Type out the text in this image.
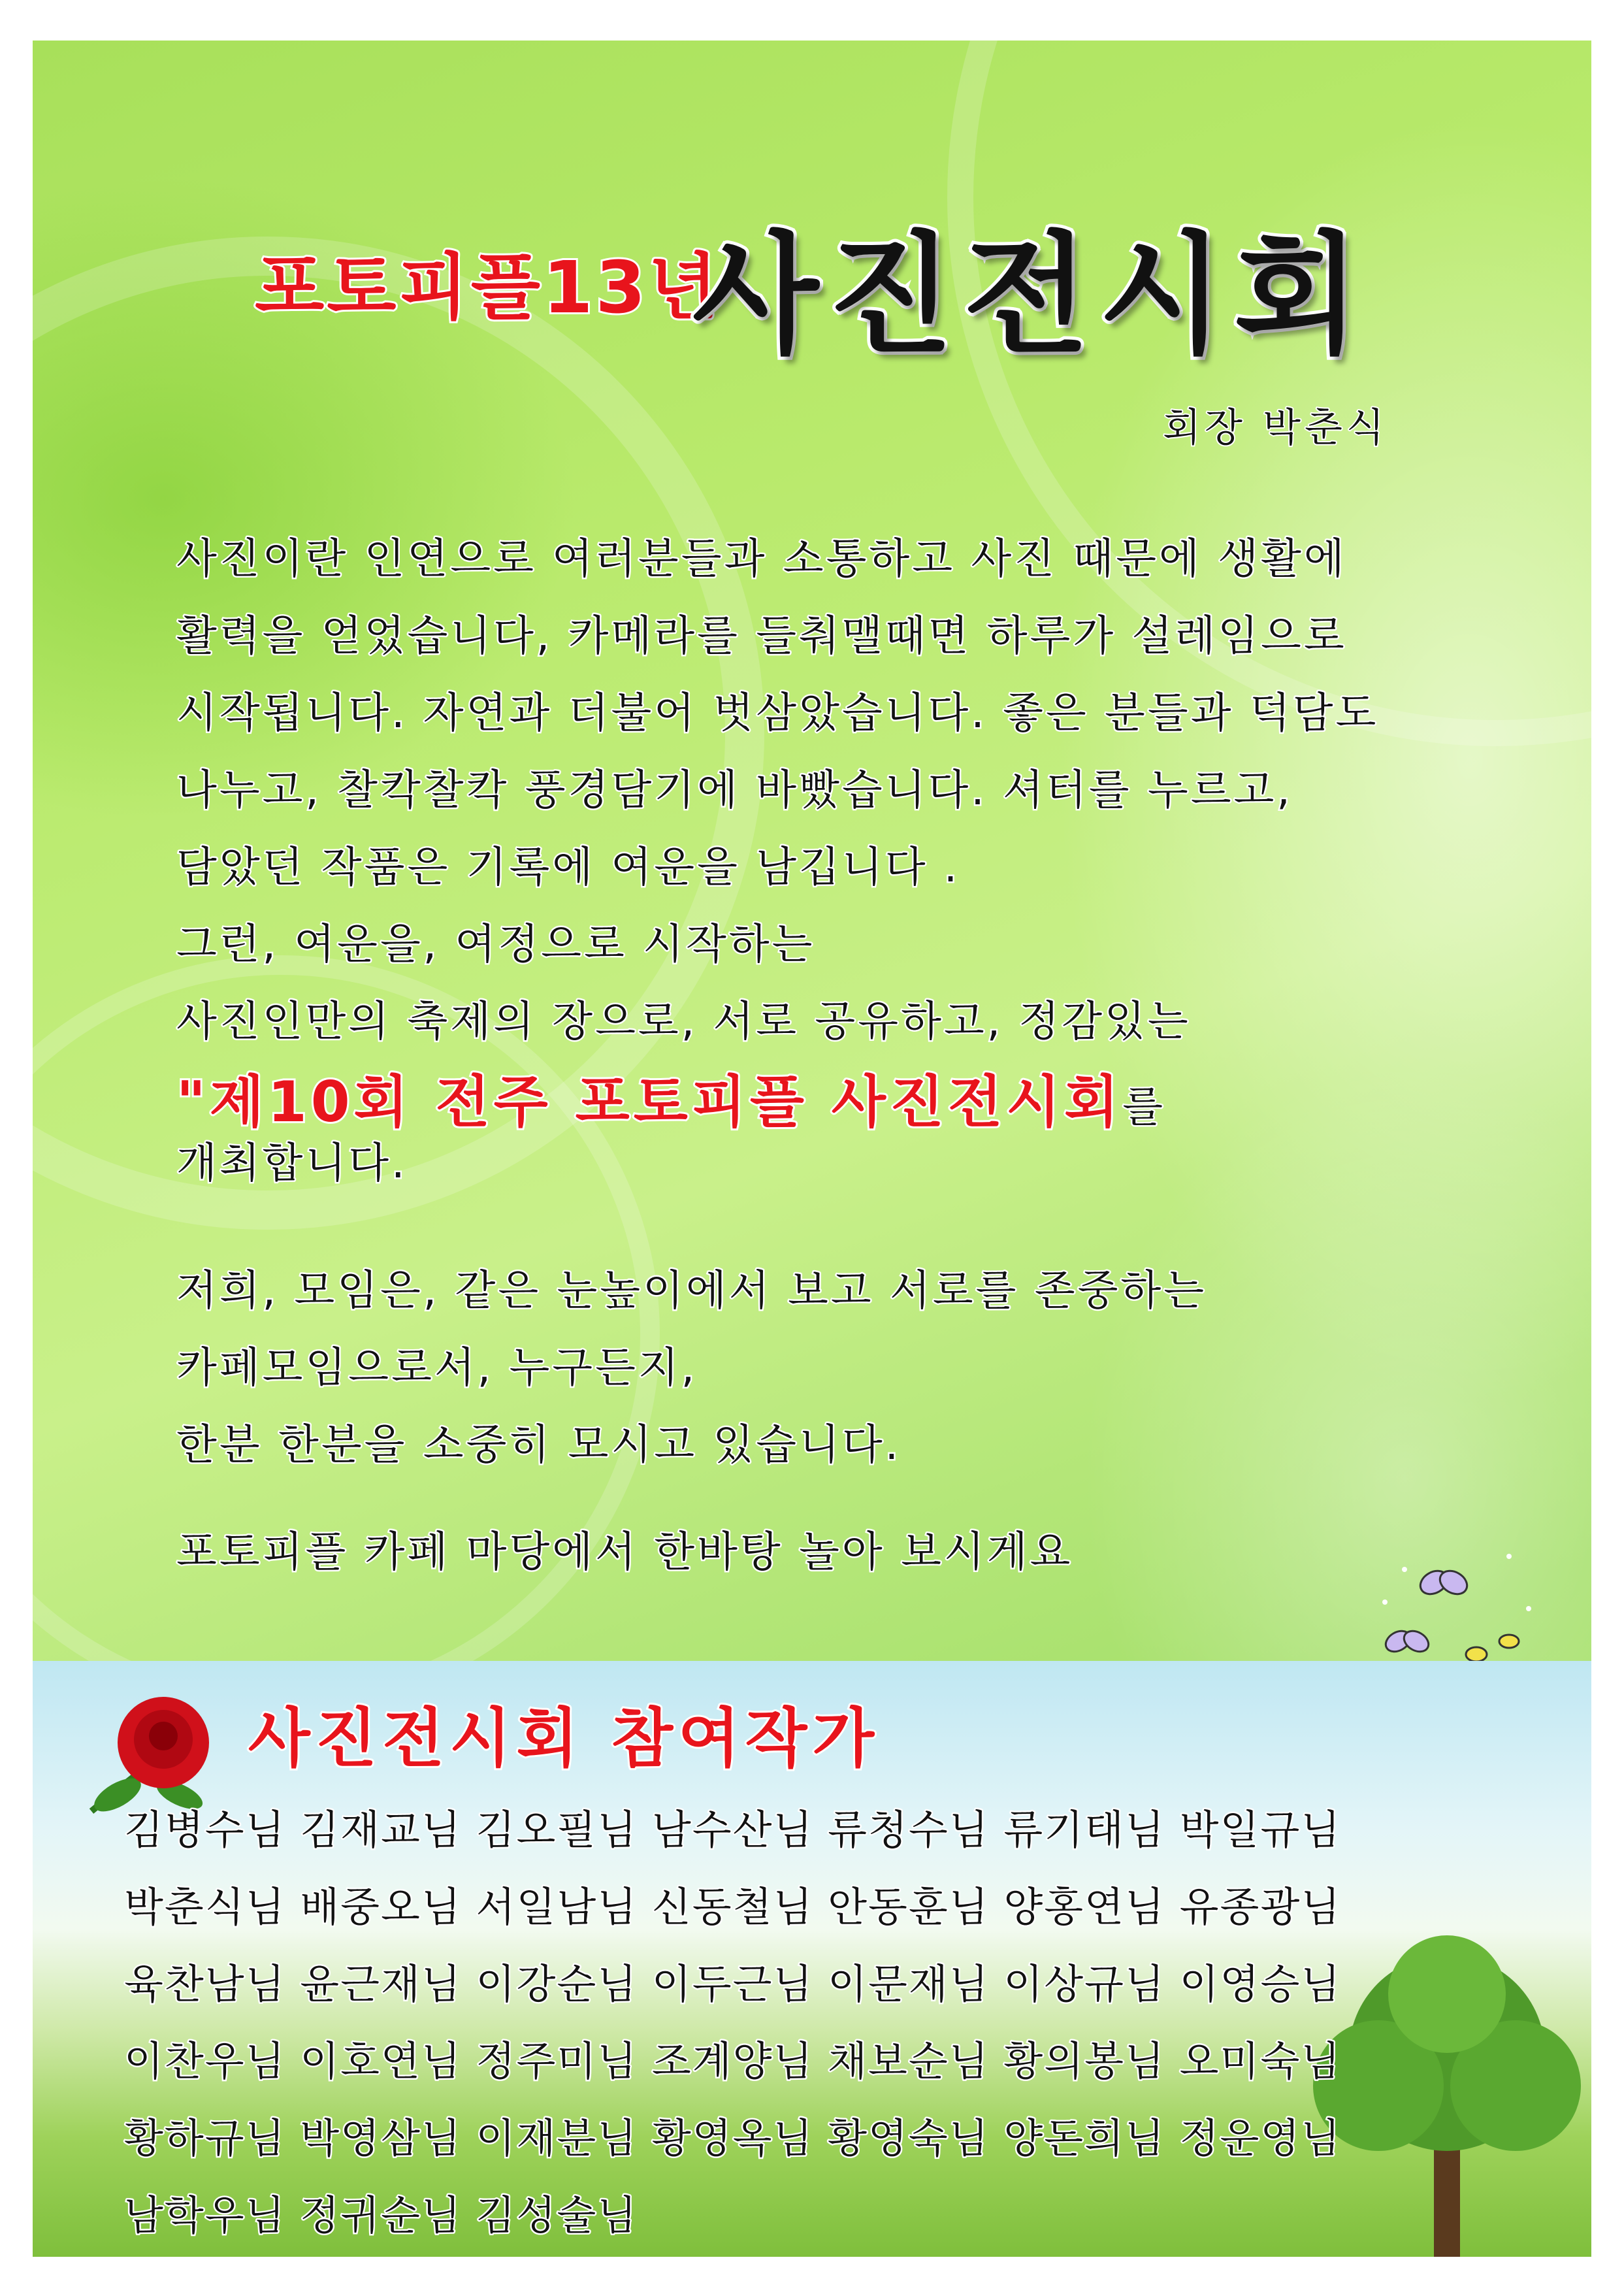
포토피플13년
사진전시회
회장 박춘식
사진이란 인연으로 여러분들과 소통하고 사진 때문에 생활에
활력을 얻었습니다, 카메라를 들춰맬때면 하루가 설레임으로
시작됩니다. 자연과 더불어 벗삼았습니다. 좋은 분들과 덕담도
나누고, 찰칵찰칵 풍경담기에 바빴습니다. 셔터를 누르고,
담았던 작품은 기록에 여운을 남깁니다 .
그런, 여운을, 여정으로 시작하는
사진인만의 축제의 장으로, 서로 공유하고, 정감있는
"제10회 전주 포토피플 사진전시회를
개최합니다.
저희, 모임은, 같은 눈높이에서 보고 서로를 존중하는
카페모임으로서, 누구든지,
한분 한분을 소중히 모시고 있습니다.
포토피플 카페 마당에서 한바탕 놀아 보시게요
사진전시회 참여작가
김병수님 김재교님 김오필님 남수산님 류청수님 류기태님 박일규님
박춘식님 배중오님 서일남님 신동철님 안동훈님 양홍연님 유종광님
육찬남님 윤근재님 이강순님 이두근님 이문재님 이상규님 이영승님
이찬우님 이호연님 정주미님 조계양님 채보순님 황의봉님 오미숙님
황하규님 박영삼님 이재분님 황영옥님 황영숙님 양돈희님 정운영님
남학우님 정귀순님 김성술님
